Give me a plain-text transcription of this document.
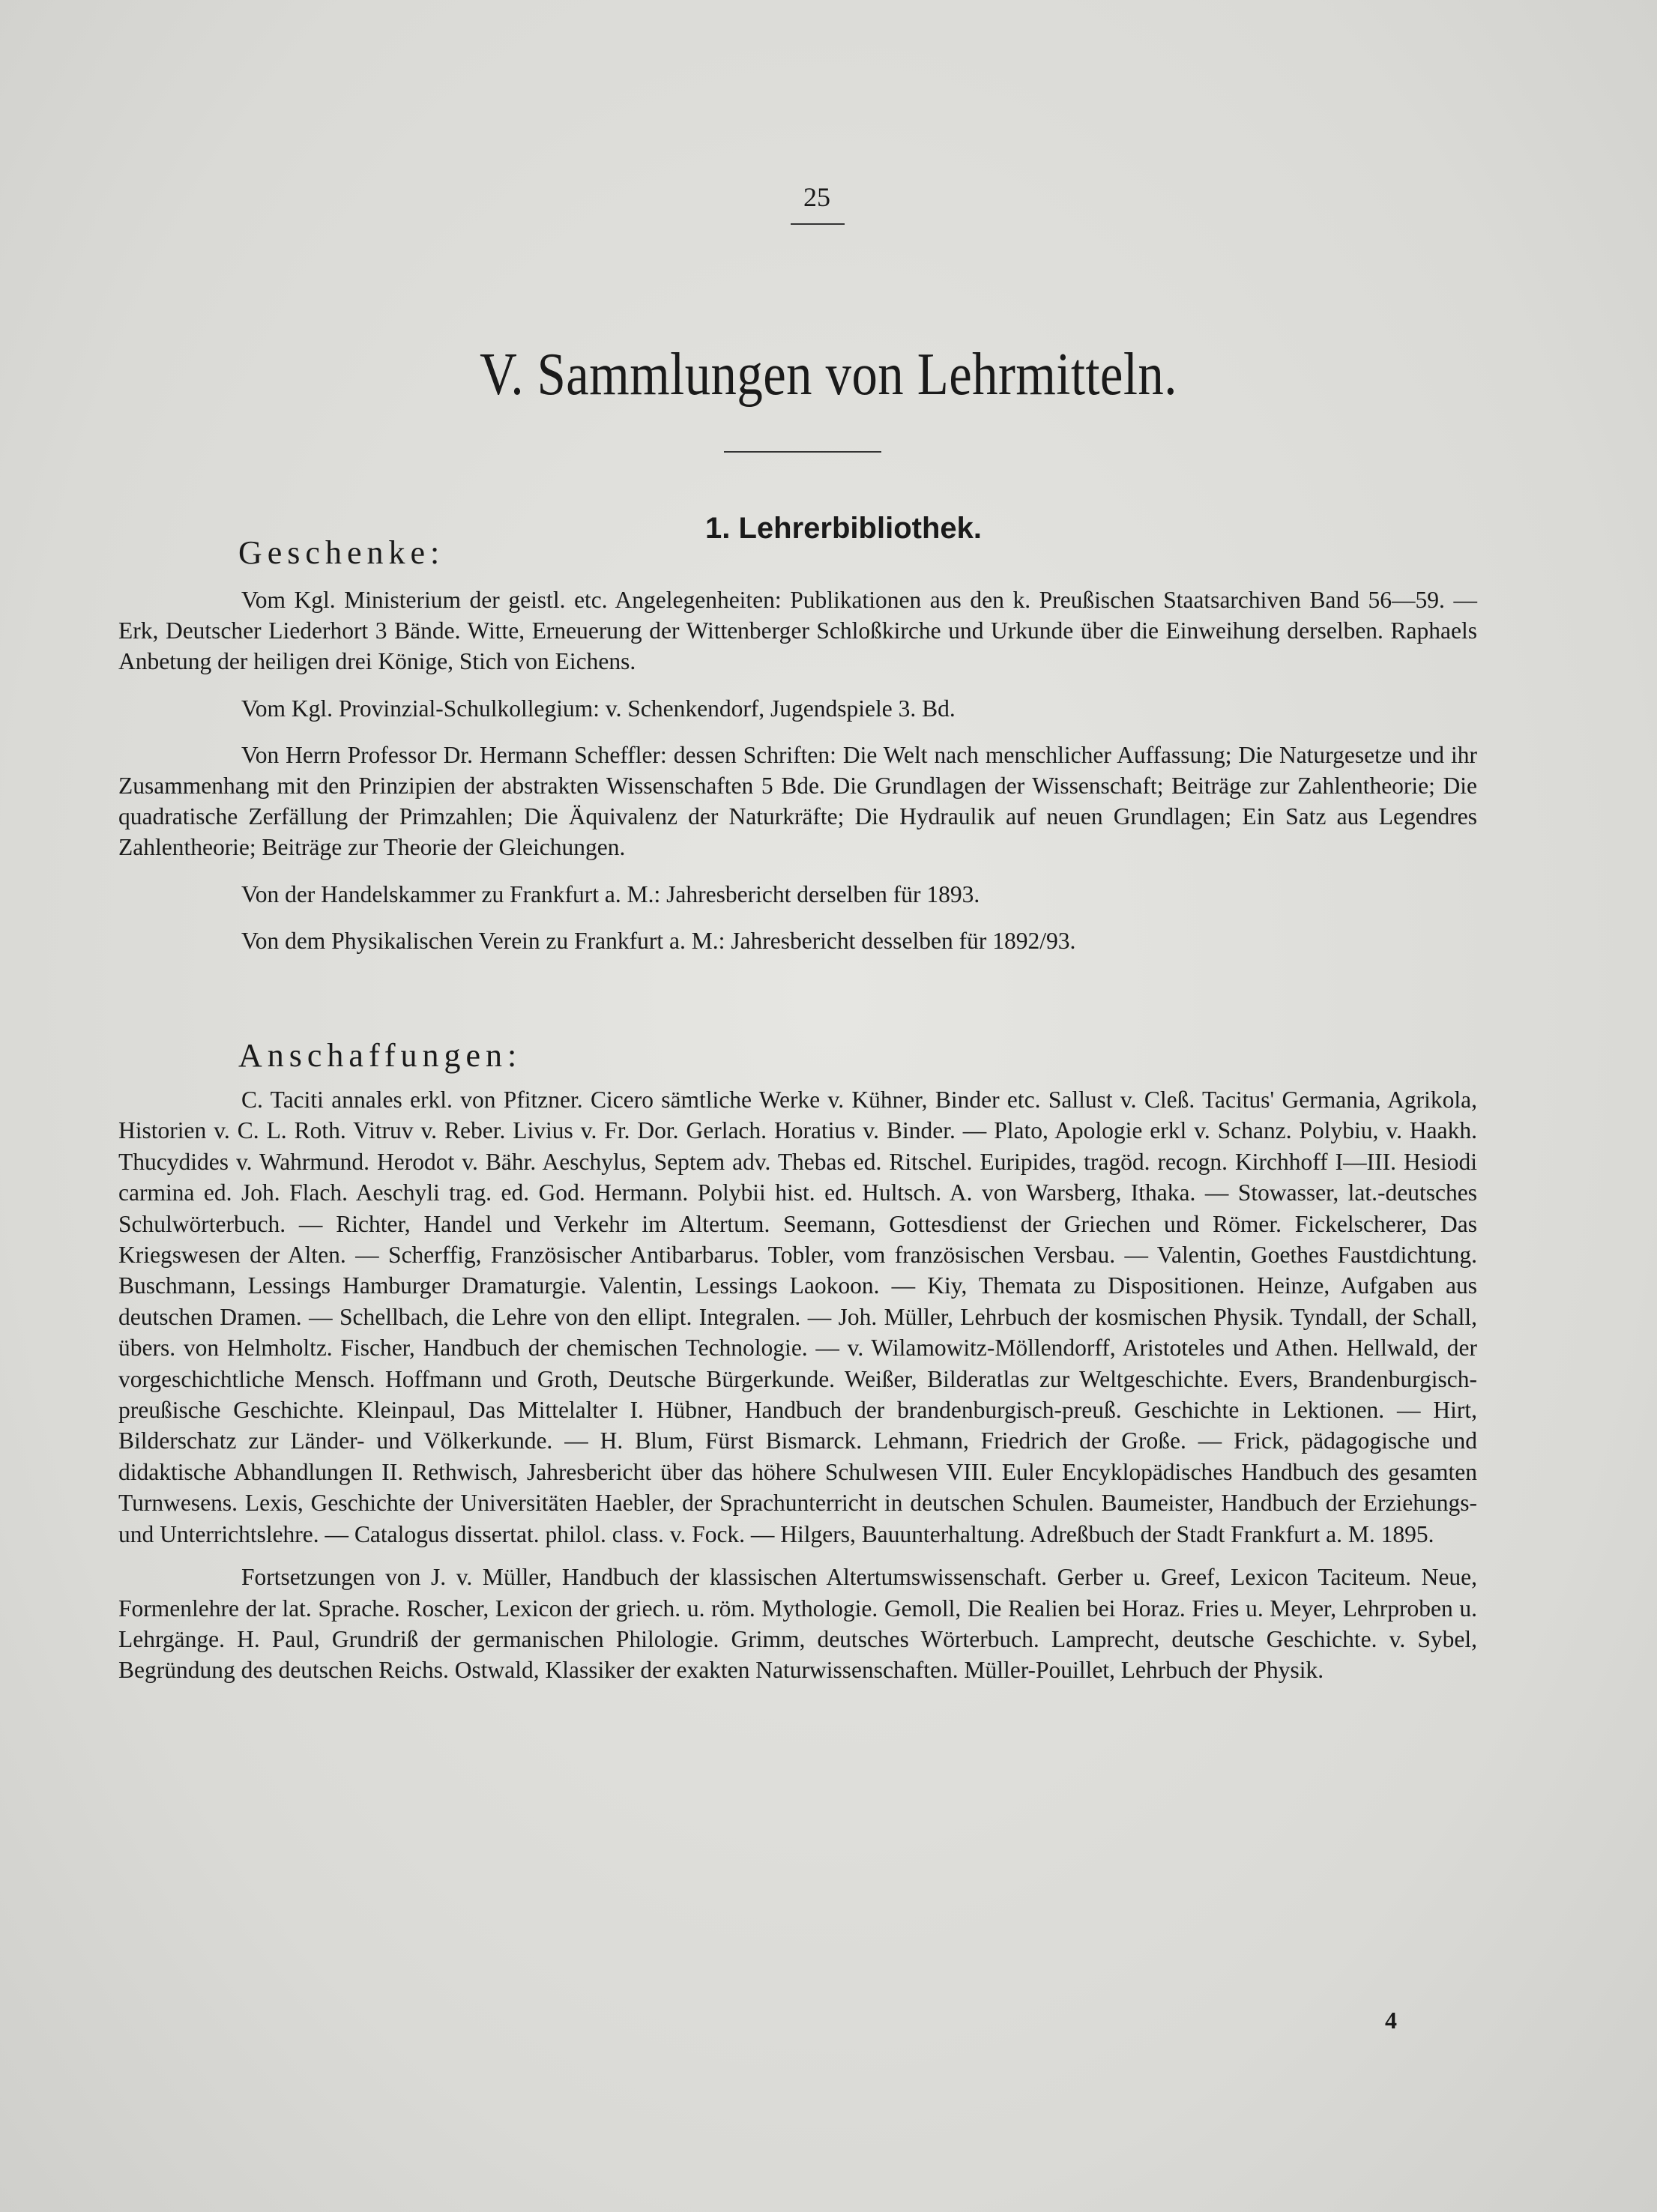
25
V. Sammlungen von Lehrmitteln.
Geschenke:
1. Lehrerbibliothek.

Vom Kgl. Ministerium der geistl. etc. Angelegenheiten: Publikationen aus den k. Preußischen Staatsarchiven Band 56—59. — Erk, Deutscher Liederhort 3 Bände. Witte, Erneuerung der Wittenberger Schloßkirche und Urkunde über die Einweihung derselben. Raphaels Anbetung der heiligen drei Könige, Stich von Eichens.

Vom Kgl. Provinzial-Schulkollegium: v. Schenkendorf, Jugendspiele 3. Bd.

Von Herrn Professor Dr. Hermann Scheffler: dessen Schriften: Die Welt nach menschlicher Auffassung; Die Naturgesetze und ihr Zusammenhang mit den Prinzipien der abstrakten Wissenschaften 5 Bde. Die Grundlagen der Wissenschaft; Beiträge zur Zahlentheorie; Die quadratische Zerfällung der Primzahlen; Die Äquivalenz der Naturkräfte; Die Hydraulik auf neuen Grundlagen; Ein Satz aus Legendres Zahlentheorie; Beiträge zur Theorie der Gleichungen.

Von der Handelskammer zu Frankfurt a. M.: Jahresbericht derselben für 1893.

Von dem Physikalischen Verein zu Frankfurt a. M.: Jahresbericht desselben für 1892/93.

Anschaffungen:

C. Taciti annales erkl. von Pfitzner. Cicero sämtliche Werke v. Kühner, Binder etc. Sallust v. Cleß. Tacitus' Germania, Agrikola, Historien v. C. L. Roth. Vitruv v. Reber. Livius v. Fr. Dor. Gerlach. Horatius v. Binder. — Plato, Apologie erkl v. Schanz. Polybiu, v. Haakh. Thucydides v. Wahrmund. Herodot v. Bähr. Aeschylus, Septem adv. Thebas ed. Ritschel. Euripides, tragöd. recogn. Kirchhoff I—III. Hesiodi carmina ed. Joh. Flach. Aeschyli trag. ed. God. Hermann. Polybii hist. ed. Hultsch. A. von Warsberg, Ithaka. — Stowasser, lat.-deutsches Schulwörterbuch. — Richter, Handel und Verkehr im Altertum. Seemann, Gottesdienst der Griechen und Römer. Fickelscherer, Das Kriegswesen der Alten. — Scherffig, Französischer Antibarbarus. Tobler, vom französischen Versbau. — Valentin, Goethes Faustdichtung. Buschmann, Lessings Hamburger Dramaturgie. Valentin, Lessings Laokoon. — Kiy, Themata zu Dispositionen. Heinze, Aufgaben aus deutschen Dramen. — Schellbach, die Lehre von den ellipt. Integralen. — Joh. Müller, Lehrbuch der kosmischen Physik. Tyndall, der Schall, übers. von Helmholtz. Fischer, Handbuch der chemischen Technologie. — v. Wilamowitz-Möllendorff, Aristoteles und Athen. Hellwald, der vorgeschichtliche Mensch. Hoffmann und Groth, Deutsche Bürgerkunde. Weißer, Bilderatlas zur Weltgeschichte. Evers, Brandenburgisch-preußische Geschichte. Kleinpaul, Das Mittelalter I. Hübner, Handbuch der brandenburgisch-preuß. Geschichte in Lektionen. — Hirt, Bilderschatz zur Länder- und Völkerkunde. — H. Blum, Fürst Bismarck. Lehmann, Friedrich der Große. — Frick, pädagogische und didaktische Abhandlungen II. Rethwisch, Jahresbericht über das höhere Schulwesen VIII. Euler Encyklopädisches Handbuch des gesamten Turnwesens. Lexis, Geschichte der Universitäten Haebler, der Sprachunterricht in deutschen Schulen. Baumeister, Handbuch der Erziehungs- und Unterrichtslehre. — Catalogus dissertat. philol. class. v. Fock. — Hilgers, Bauunterhaltung. Adreßbuch der Stadt Frankfurt a. M. 1895.

Fortsetzungen von J. v. Müller, Handbuch der klassischen Altertumswissenschaft. Gerber u. Greef, Lexicon Taciteum. Neue, Formenlehre der lat. Sprache. Roscher, Lexicon der griech. u. röm. Mythologie. Gemoll, Die Realien bei Horaz. Fries u. Meyer, Lehrproben u. Lehrgänge. H. Paul, Grundriß der germanischen Philologie. Grimm, deutsches Wörterbuch. Lamprecht, deutsche Geschichte. v. Sybel, Begründung des deutschen Reichs. Ostwald, Klassiker der exakten Naturwissenschaften. Müller-Pouillet, Lehrbuch der Physik.

4
